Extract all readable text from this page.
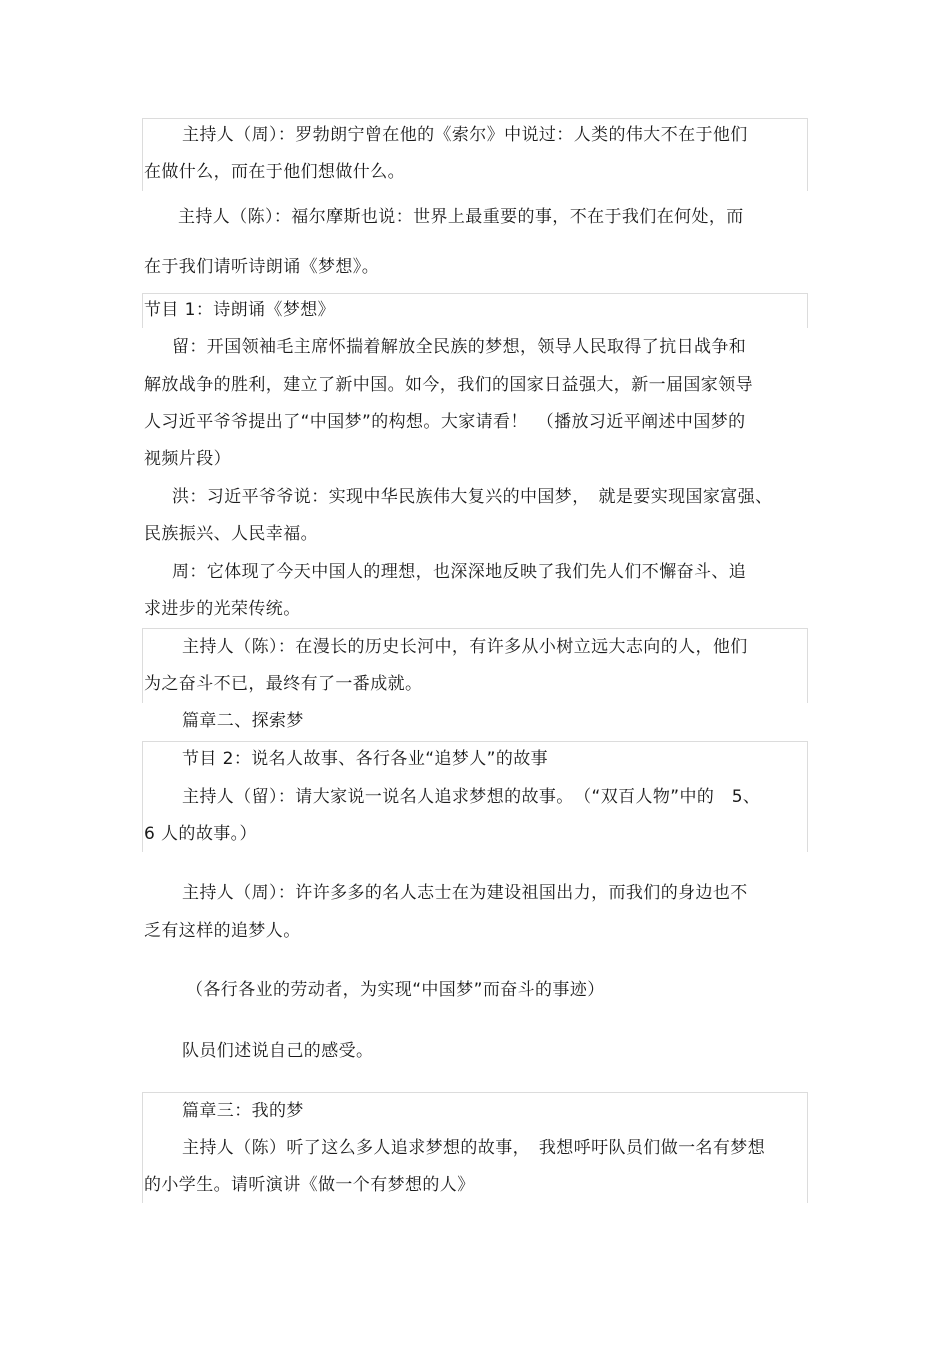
主持人（周）：罗勃朗宁曾在他的《索尔》中说过：人类的伟大不在于他们
在做什么，而在于他们想做什么。
主持人（陈）：福尔摩斯也说：世界上最重要的事，不在于我们在何处，而
在于我们请听诗朗诵《梦想》。
节目 1：诗朗诵《梦想》
留：开国领袖毛主席怀揣着解放全民族的梦想，领导人民取得了抗日战争和
解放战争的胜利，建立了新中国。如今，我们的国家日益强大，新一届国家领导
人习近平爷爷提出了“中国梦”的构想。大家请看！　（播放习近平阐述中国梦的
视频片段）
洪：习近平爷爷说：实现中华民族伟大复兴的中国梦，　就是要实现国家富强、
民族振兴、人民幸福。
周：它体现了今天中国人的理想，也深深地反映了我们先人们不懈奋斗、追
求进步的光荣传统。
主持人（陈）：在漫长的历史长河中，有许多从小树立远大志向的人，他们
为之奋斗不已，最终有了一番成就。
篇章二、探索梦
节目 2：说名人故事、各行各业“追梦人”的故事
主持人（留）：请大家说一说名人追求梦想的故事。　（“双百人物”中的　5、
6 人的故事。）
主持人（周）：许许多多的名人志士在为建设祖国出力，而我们的身边也不
乏有这样的追梦人。
（各行各业的劳动者，为实现“中国梦”而奋斗的事迹）
队员们述说自己的感受。
篇章三：我的梦
主持人（陈）听了这么多人追求梦想的故事，　我想呼吁队员们做一名有梦想
的小学生。请听演讲《做一个有梦想的人》
